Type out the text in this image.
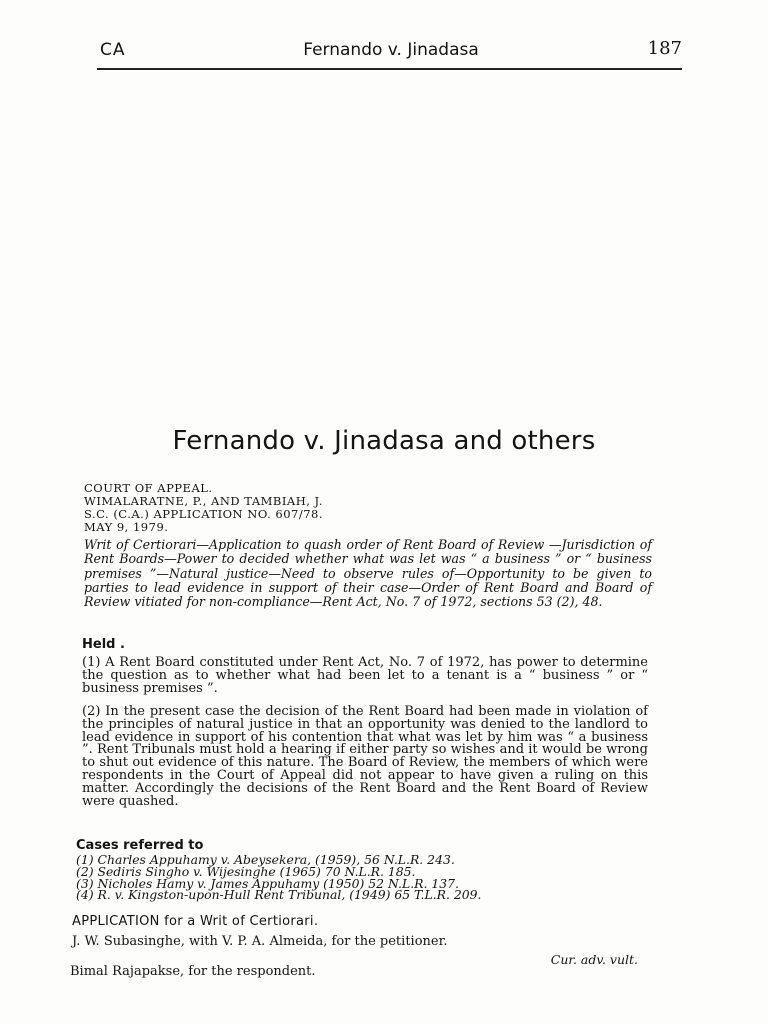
CA	Fernando v. Jinadasa	187
Fernando v. Jinadasa and others
COURT OF APPEAL.
WIMALARATNE, P., AND TAMBIAH, J.
S.C. (C.A.) APPLICATION NO. 607/78.
MAY 9, 1979.
Writ of Certiorari—Application to quash order of Rent Board of Review —Jurisdiction of Rent Boards—Power to decided whether what was let was “ a business ” or “ business premises ”—Natural justice—Need to observe rules of—Opportunity to be given to parties to lead evidence in support of their case—Order of Rent Board and Board of Review vitiated for non-compliance—Rent Act, No. 7 of 1972, sections 53 (2), 48.
Held .
(1) A Rent Board constituted under Rent Act, No. 7 of 1972, has power to determine the question as to whether what had been let to a tenant is a “ business ” or “ business premises ”.
(2) In the present case the decision of the Rent Board had been made in violation of the principles of natural justice in that an opportunity was denied to the landlord to lead evidence in support of his contention that what was let by him was “ a business ”. Rent Tribunals must hold a hearing if either party so wishes and it would be wrong to shut out evidence of this nature. The Board of Review, the members of which were respondents in the Court of Appeal did not appear to have given a ruling on this matter. Accordingly the decisions of the Rent Board and the Rent Board of Review were quashed.
Cases referred to
(1) Charles Appuhamy v. Abeysekera, (1959), 56 N.L.R. 243.
(2) Sediris Singho v. Wijesinghe (1965) 70 N.L.R. 185.
(3) Nicholes Hamy v. James Appuhamy (1950) 52 N.L.R. 137.
(4) R. v. Kingston-upon-Hull Rent Tribunal, (1949) 65 T.L.R. 209.
APPLICATION for a Writ of Certiorari.
J. W. Subasinghe, with V. P. A. Almeida, for the petitioner.
Cur. adv. vult.
Bimal Rajapakse, for the respondent.
